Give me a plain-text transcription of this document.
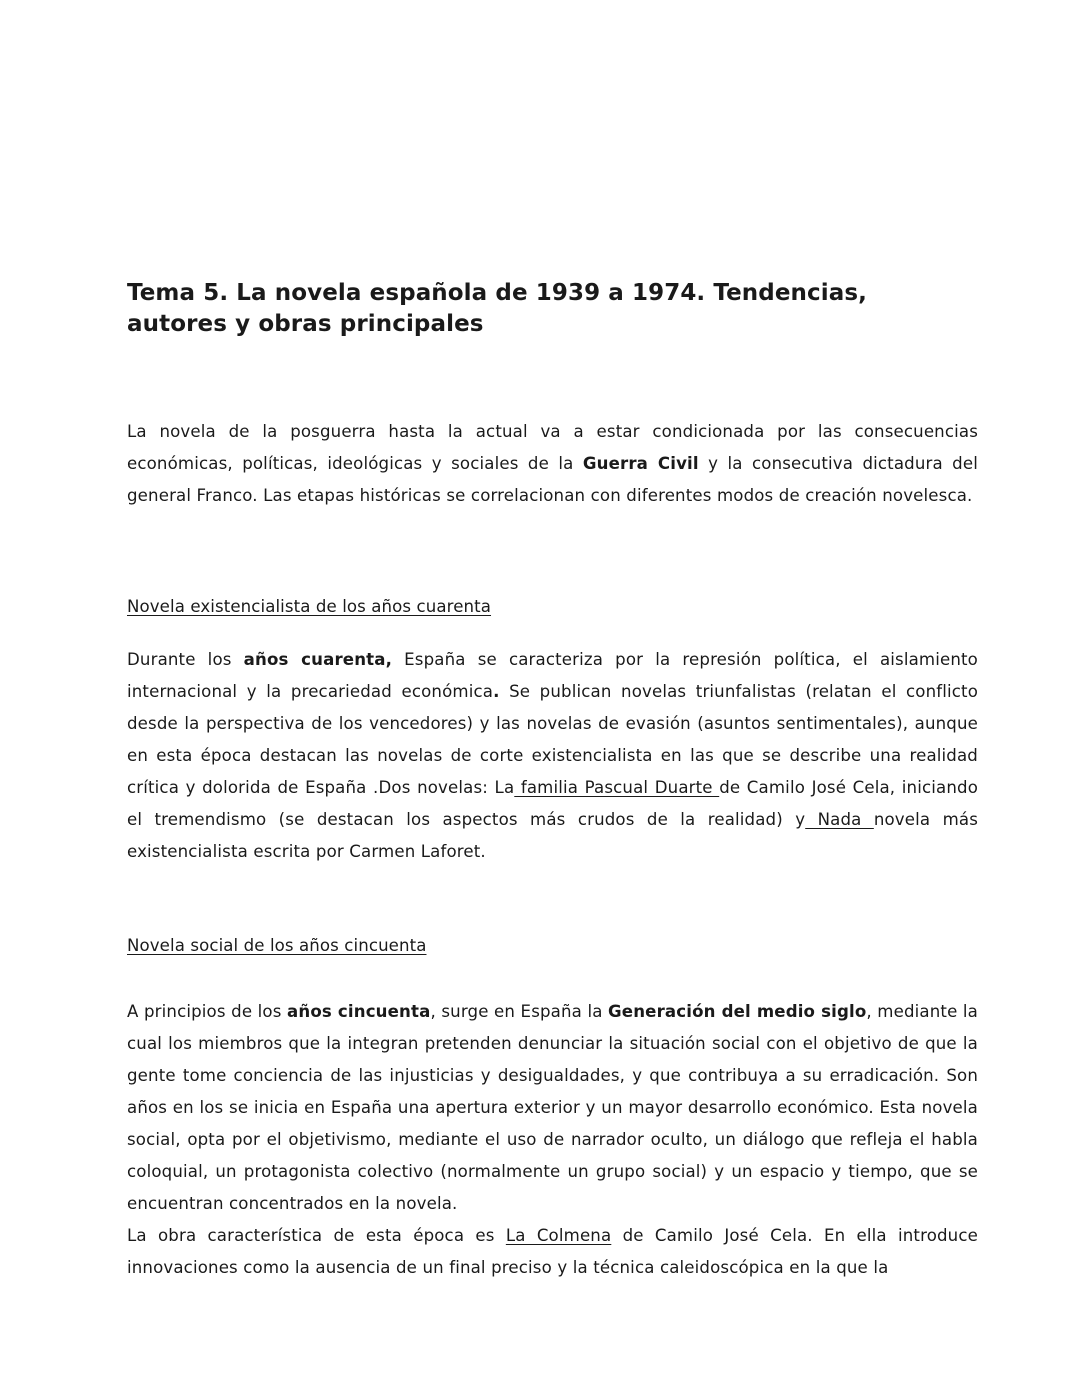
Tema 5. La novela española de 1939 a 1974. Tendencias, autores y obras principales

La novela de la posguerra hasta la actual va a estar condicionada por las consecuencias económicas, políticas, ideológicas y sociales de la Guerra Civil y la consecutiva dictadura del general Franco. Las etapas históricas se correlacionan con diferentes modos de creación novelesca.

Novela existencialista de los años cuarenta

Durante los años cuarenta, España se caracteriza por la represión política, el aislamiento internacional y la precariedad económica. Se publican novelas triunfalistas (relatan el conflicto desde la perspectiva de los vencedores) y las novelas de evasión (asuntos sentimentales), aunque en esta época destacan las novelas de corte existencialista en las que se describe una realidad crítica y dolorida de España .Dos novelas: La familia Pascual Duarte de Camilo José Cela, iniciando el tremendismo (se destacan los aspectos más crudos de la realidad) y Nada novela más existencialista escrita por Carmen Laforet.

Novela social de los años cincuenta

A principios de los años cincuenta, surge en España la Generación del medio siglo, mediante la cual los miembros que la integran pretenden denunciar la situación social con el objetivo de que la gente tome conciencia de las injusticias y desigualdades, y que contribuya a su erradicación. Son años en los se inicia en España una apertura exterior y un mayor desarrollo económico. Esta novela social, opta por el objetivismo, mediante el uso de narrador oculto, un diálogo que refleja el habla coloquial, un protagonista colectivo (normalmente un grupo social) y un espacio y tiempo, que se encuentran concentrados en la novela.

La obra característica de esta época es La Colmena de Camilo José Cela. En ella introduce innovaciones como la ausencia de un final preciso y la técnica caleidoscópica en la que la
